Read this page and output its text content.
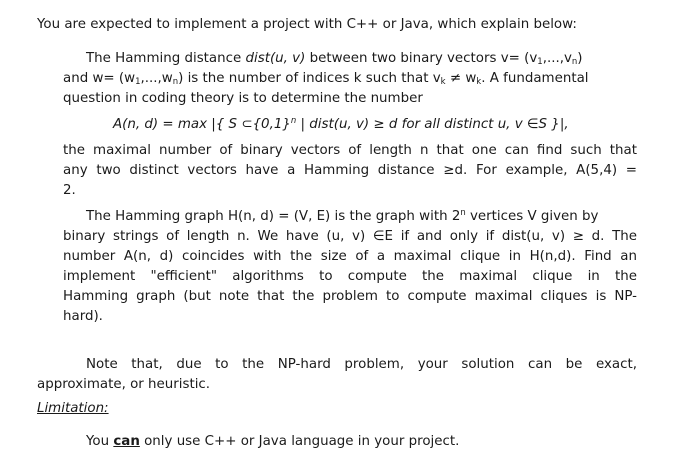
You are expected to implement a project with C++ or Java, which explain below:
The Hamming distance dist(u, v) between two binary vectors $v= (v_1,...,v_n)$
and $w= (w_1,...,w_n)$ is the number of indices k such that $v_k \ne w_k$. A fundamental
question in coding theory is to determine the number
A(n, d) = max |{ S $\subset\{0,1\}^n$ | dist(u, v) ≥ d for all distinct u, v ∈S }|,
the maximal number of binary vectors of length n that one can find such that
any two distinct vectors have a Hamming distance ≥d. For example, A(5,4) =
2.
The Hamming graph H(n, d) = (V, E) is the graph with 2$^n$ vertices V given by
binary strings of length n. We have (u, v) ∈E if and only if dist(u, v) ≥ d. The
number A(n, d) coincides with the size of a maximal clique in H(n,d). Find an
implement "efficient" algorithms to compute the maximal clique in the
Hamming graph (but note that the problem to compute maximal cliques is NP-
hard).
Note that, due to the NP-hard problem, your solution can be exact,
approximate, or heuristic.
Limitation:
You can only use C++ or Java language in your project.
